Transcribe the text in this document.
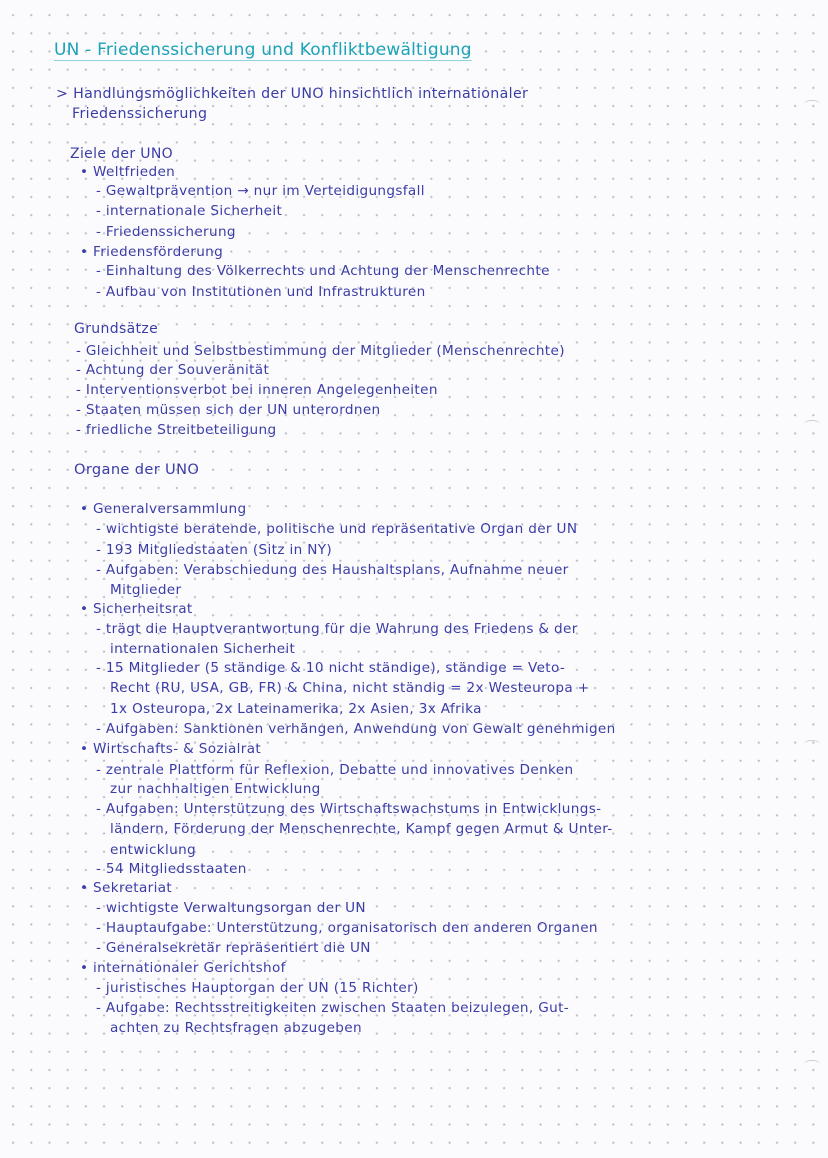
UN - Friedenssicherung und Konfliktbewältigung
> Handlungsmöglichkeiten der UNO hinsichtlich internationaler
Friedenssicherung
Ziele der UNO
• Weltfrieden
- Gewaltprävention → nur im Verteidigungsfall
- internationale Sicherheit
- Friedenssicherung
• Friedensförderung
- Einhaltung des Völkerrechts und Achtung der Menschenrechte
- Aufbau von Institutionen und Infrastrukturen
Grundsätze
- Gleichheit und Selbstbestimmung der Mitglieder (Menschenrechte)
- Achtung der Souveränität
- Interventionsverbot bei inneren Angelegenheiten
- Staaten müssen sich der UN unterordnen
- friedliche Streitbeteiligung
Organe der UNO
• Generalversammlung
- wichtigste beratende, politische und repräsentative Organ der UN
- 193 Mitgliedstaaten (Sitz in NY)
- Aufgaben: Verabschiedung des Haushaltsplans, Aufnahme neuer
Mitglieder
• Sicherheitsrat
- trägt die Hauptverantwortung für die Wahrung des Friedens & der
internationalen Sicherheit
- 15 Mitglieder (5 ständige & 10 nicht ständige), ständige = Veto-
Recht (RU, USA, GB, FR) & China, nicht ständig = 2x Westeuropa +
1x Osteuropa, 2x Lateinamerika, 2x Asien, 3x Afrika
- Aufgaben: Sanktionen verhängen, Anwendung von Gewalt genehmigen
• Wirtschafts- & Sozialrat
- zentrale Plattform für Reflexion, Debatte und innovatives Denken
zur nachhaltigen Entwicklung
- Aufgaben: Unterstützung des Wirtschaftswachstums in Entwicklungs-
ländern, Förderung der Menschenrechte, Kampf gegen Armut & Unter-
entwicklung
- 54 Mitgliedsstaaten
• Sekretariat
- wichtigste Verwaltungsorgan der UN
- Hauptaufgabe: Unterstützung, organisatorisch den anderen Organen
- Generalsekretär repräsentiert die UN
• internationaler Gerichtshof
- juristisches Hauptorgan der UN (15 Richter)
- Aufgabe: Rechtsstreitigkeiten zwischen Staaten beizulegen, Gut-
achten zu Rechtsfragen abzugeben
